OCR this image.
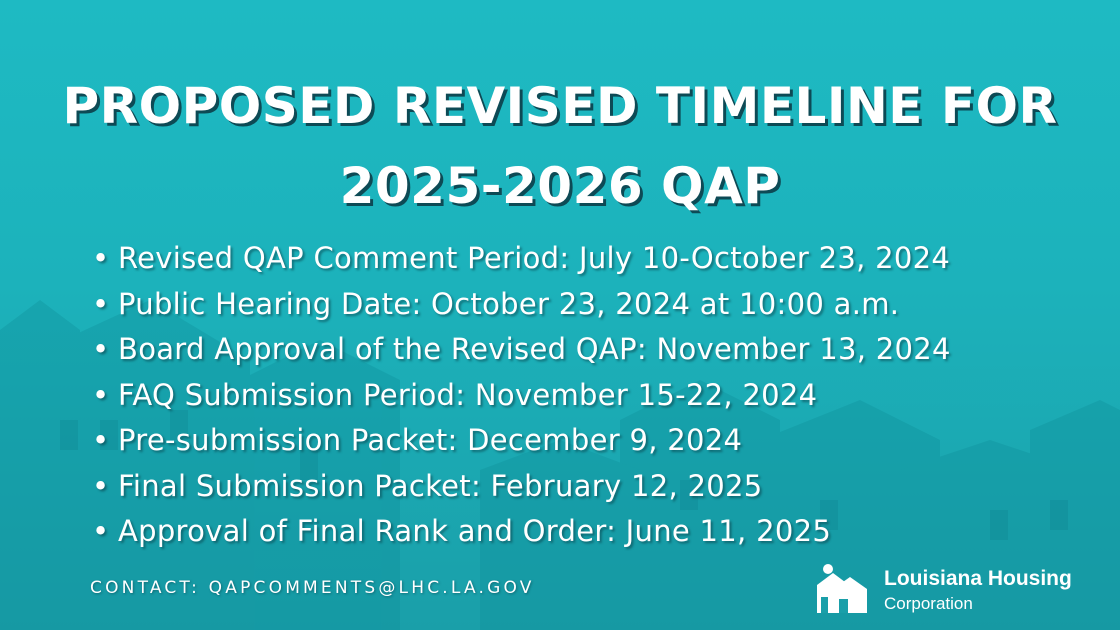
PROPOSED REVISED TIMELINE FOR
2025-2026 QAP
• Revised QAP Comment Period: July 10-October 23, 2024
• Public Hearing Date: October 23, 2024 at 10:00 a.m.
• Board Approval of the Revised QAP: November 13, 2024
• FAQ Submission Period: November 15-22, 2024
• Pre-submission Packet: December 9, 2024
• Final Submission Packet: February 12, 2025
• Approval of Final Rank and Order: June 11, 2025
CONTACT: QAPCOMMENTS@LHC.LA.GOV	Louisiana Housing
Corporation
